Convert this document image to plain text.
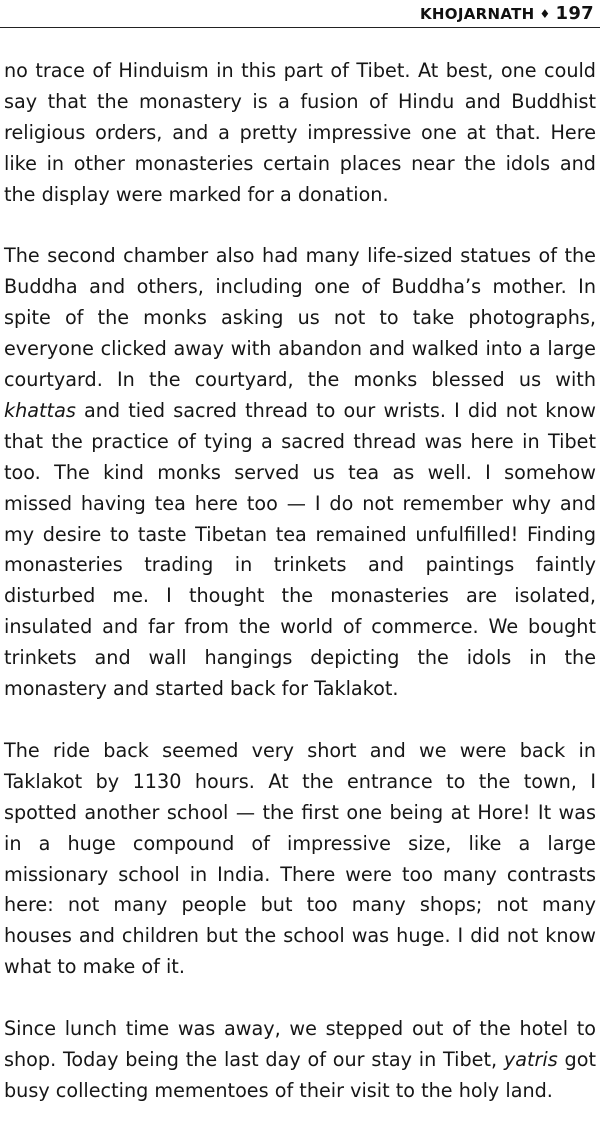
KHOJARNATH ♦ 197

no trace of Hinduism in this part of Tibet. At best, one could say that the monastery is a fusion of Hindu and Buddhist religious orders, and a pretty impressive one at that. Here like in other monasteries certain places near the idols and the display were marked for a donation.

The second chamber also had many life-sized statues of the Buddha and others, including one of Buddha’s mother. In spite of the monks asking us not to take photographs, everyone clicked away with abandon and walked into a large courtyard. In the courtyard, the monks blessed us with khattas and tied sacred thread to our wrists. I did not know that the practice of tying a sacred thread was here in Tibet too. The kind monks served us tea as well. I somehow missed having tea here too — I do not remember why and my desire to taste Tibetan tea remained unfulfilled! Finding monasteries trading in trinkets and paintings faintly disturbed me. I thought the monasteries are isolated, insulated and far from the world of commerce. We bought trinkets and wall hangings depicting the idols in the monastery and started back for Taklakot.

The ride back seemed very short and we were back in Taklakot by 1130 hours. At the entrance to the town, I spotted another school — the first one being at Hore! It was in a huge compound of impressive size, like a large missionary school in India. There were too many contrasts here: not many people but too many shops; not many houses and children but the school was huge. I did not know what to make of it.

Since lunch time was away, we stepped out of the hotel to shop. Today being the last day of our stay in Tibet, yatris got busy collecting mementoes of their visit to the holy land.
